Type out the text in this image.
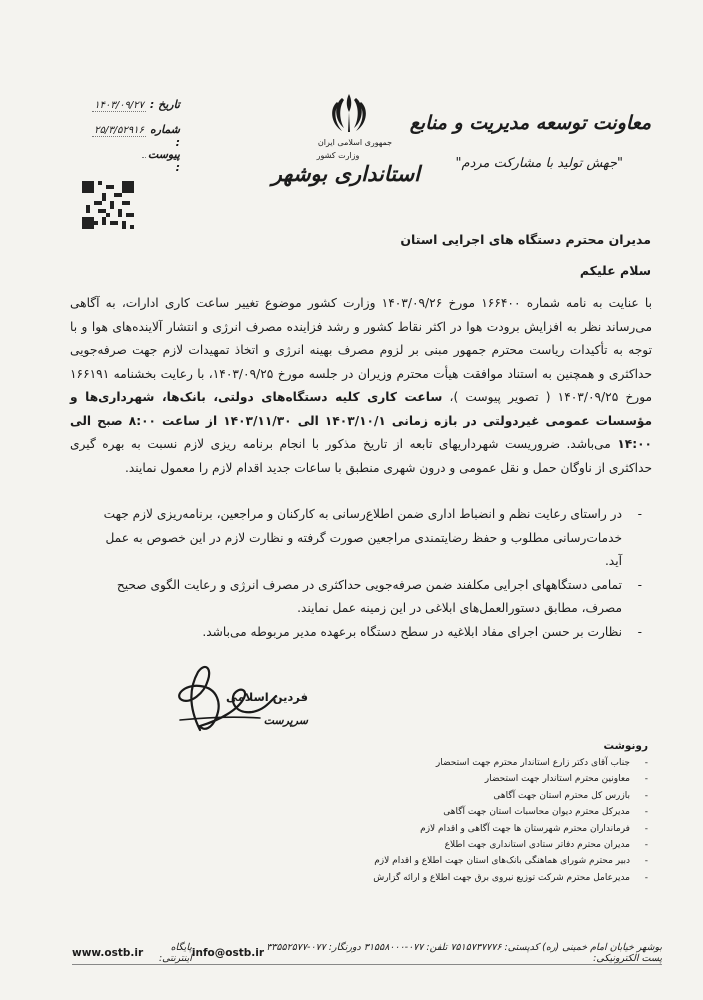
معاونت توسعه مدیریت و منابع
"جهش تولید با مشارکت مردم"
جمهوری اسلامی ایران
وزارت کشور
استانداری بوشهر
تاریخ :
۱۴۰۳/۰۹/۲۷
شماره :
۲۵/۳/۵۲۹۱۶
پیوست :
مدیران محترم دستگاه های اجرایی استان
سلام علیکم

با عنایت به نامه شماره ۱۶۶۴۰۰ مورخ ۱۴۰۳/۰۹/۲۶ وزارت کشور موضوع تغییر ساعت کاری ادارات، به آگاهی می‌رساند نظر به افزایش برودت هوا در اکثر نقاط کشور و رشد فزاینده مصرف انرژی و انتشار آلاینده‌های هوا و با توجه به تأکیدات ریاست محترم جمهور مبنی بر لزوم مصرف بهینه انرژی و اتخاذ تمهیدات لازم جهت صرفه‌جویی حداکثری و همچنین به استناد موافقت هیأت محترم وزیران در جلسه مورخ ۱۴۰۳/۰۹/۲۵، با رعایت بخشنامه ۱۶۶۱۹۱ مورخ ۱۴۰۳/۰۹/۲۵ ( تصویر پیوست )، ساعت کاری کلیه دستگاه‌های دولتی، بانک‌ها، شهرداری‌ها و مؤسسات عمومی غیردولتی در بازه زمانی ۱۴۰۳/۱۰/۱ الی ۱۴۰۳/۱۱/۳۰ از ساعت ۸:۰۰ صبح الی ۱۴:۰۰ می‌باشد. ضروریست شهرداریهای تابعه از تاریخ مذکور با انجام برنامه ریزی لازم نسبت به بهره گیری حداکثری از ناوگان حمل و نقل عمومی و درون شهری منطبق با ساعات جدید اقدام لازم را معمول نمایند.

-
در راستای رعایت نظم و انضباط اداری ضمن اطلاع‌رسانی به کارکنان و مراجعین، برنامه‌ریزی لازم جهت خدمات‌رسانی مطلوب و حفظ رضایتمندی مراجعین صورت گرفته و نظارت لازم در این خصوص به عمل آید.
-
تمامی دستگاههای اجرایی مکلفند ضمن صرفه‌جویی حداکثری در مصرف انرژی و رعایت الگوی صحیح مصرف، مطابق دستورالعمل‌های ابلاغی در این زمینه عمل نمایند.
-
نظارت بر حسن اجرای مفاد ابلاغیه در سطح دستگاه برعهده مدیر مربوطه می‌باشد.
فردین اسلامی
سرپرست
رونوشت
-جناب آقای دکتر زارع استاندار محترم جهت استحضار
-معاونین محترم استاندار جهت استحضار
-بازرس کل محترم استان جهت آگاهی
-مدیرکل محترم دیوان محاسبات استان جهت آگاهی
-فرمانداران محترم شهرستان ها جهت آگاهی و اقدام لازم
-مدیران محترم دفاتر ستادی استانداری جهت اطلاع
-دبیر محترم شورای هماهنگی بانک‌های استان جهت اطلاع و اقدام لازم
-مدیرعامل محترم شرکت توزیع نیروی برق جهت اطلاع و ارائه گزارش
بوشهر خیابان امام خمینی (ره) کدپستی: ۷۵۱۵۷۳۷۷۷۶ تلفن: ۰۷۷-۳۱۵۵۸۰۰۰ دورنگار: ۰۷۷-۳۳۵۵۲۵۷۷ پست الکترونیکی:
info@ostb.ir
پایگاه اینترنتی:
www.ostb.ir
